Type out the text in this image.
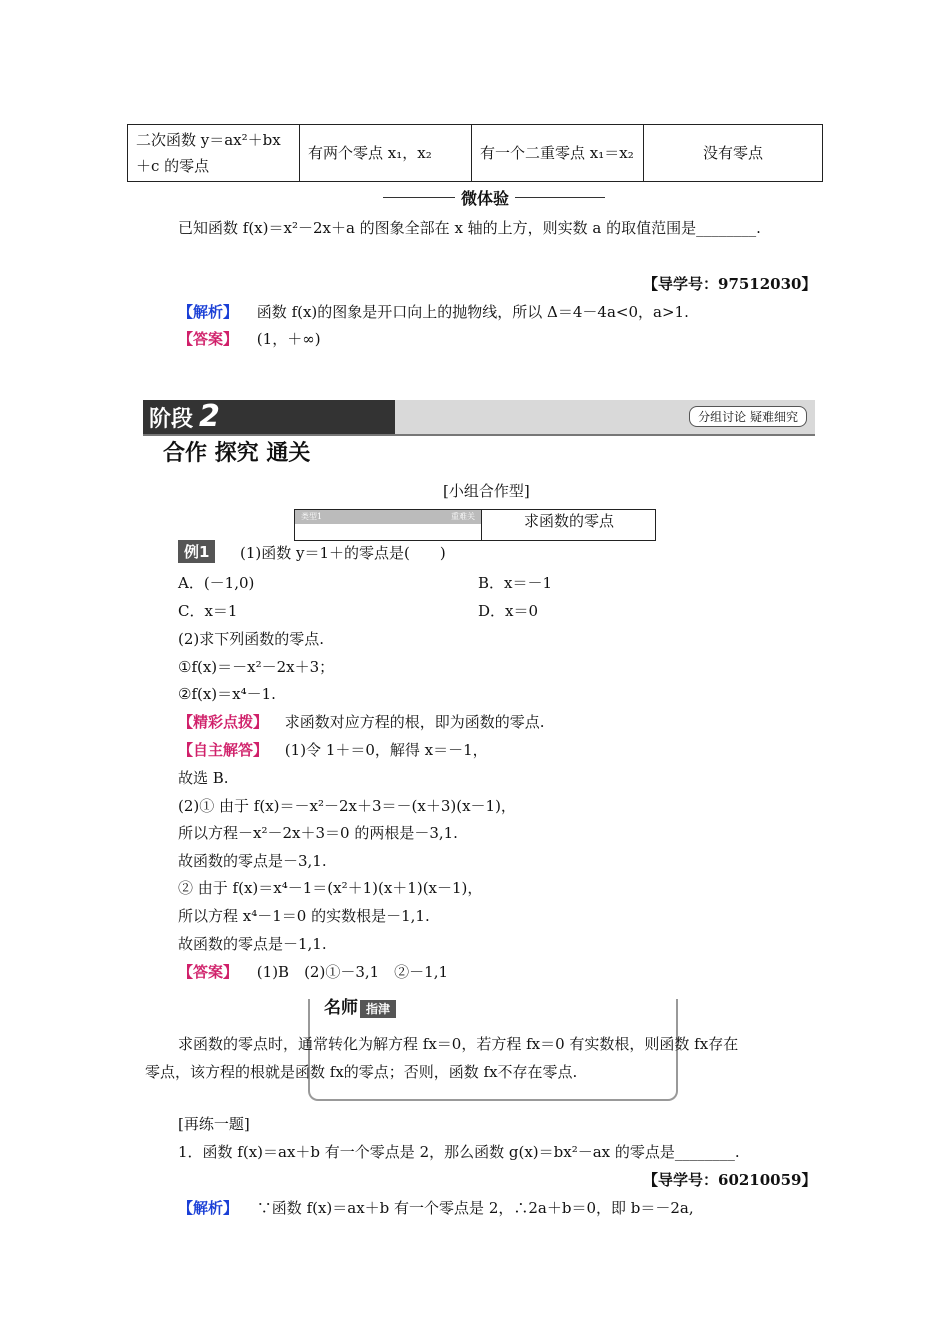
二次函数 y＝ax²＋bx＋c 的零点	有两个零点 x₁，x₂	有一个二重零点 x₁＝x₂	没有零点
微体验
已知函数 f(x)＝x²－2x＋a 的图象全部在 x 轴的上方，则实数 a 的取值范围是________.
【导学号：97512030】
【解析】 函数 f(x)的图象是开口向上的抛物线，所以 Δ＝4－4a<0，a>1.
【答案】 (1，＋∞)
阶段 2合作 探究 通关
分组讨论 疑难细究
[小组合作型]
类型1	重难关	求函数的零点
例1	(1)函数 y＝1＋的零点是(　　)
A．(－1,0)	B．x＝－1
C．x＝1	D．x＝0
(2)求下列函数的零点.
①f(x)＝－x²－2x＋3；
②f(x)＝x⁴－1.
【精彩点拨】 求函数对应方程的根，即为函数的零点.
【自主解答】 (1)令 1＋＝0，解得 x＝－1，
故选 B.
(2)① 由于 f(x)＝－x²－2x＋3＝－(x＋3)(x－1)，
所以方程－x²－2x＋3＝0 的两根是－3,1.
故函数的零点是－3,1.
② 由于 f(x)＝x⁴－1＝(x²＋1)(x＋1)(x－1)，
所以方程 x⁴－1＝0 的实数根是－1,1.
故函数的零点是－1,1.
【答案】 (1)B　(2)①－3,1　②－1,1
名师 指津
求函数的零点时，通常转化为解方程 fx＝0，若方程 fx＝0 有实数根，则函数 fx存在
零点，该方程的根就是函数 fx的零点；否则，函数 fx不存在零点.
[再练一题]
1．函数 f(x)＝ax＋b 有一个零点是 2，那么函数 g(x)＝bx²－ax 的零点是________.
【导学号：60210059】
【解析】 ∵函数 f(x)＝ax＋b 有一个零点是 2，∴2a＋b＝0，即 b＝－2a,
